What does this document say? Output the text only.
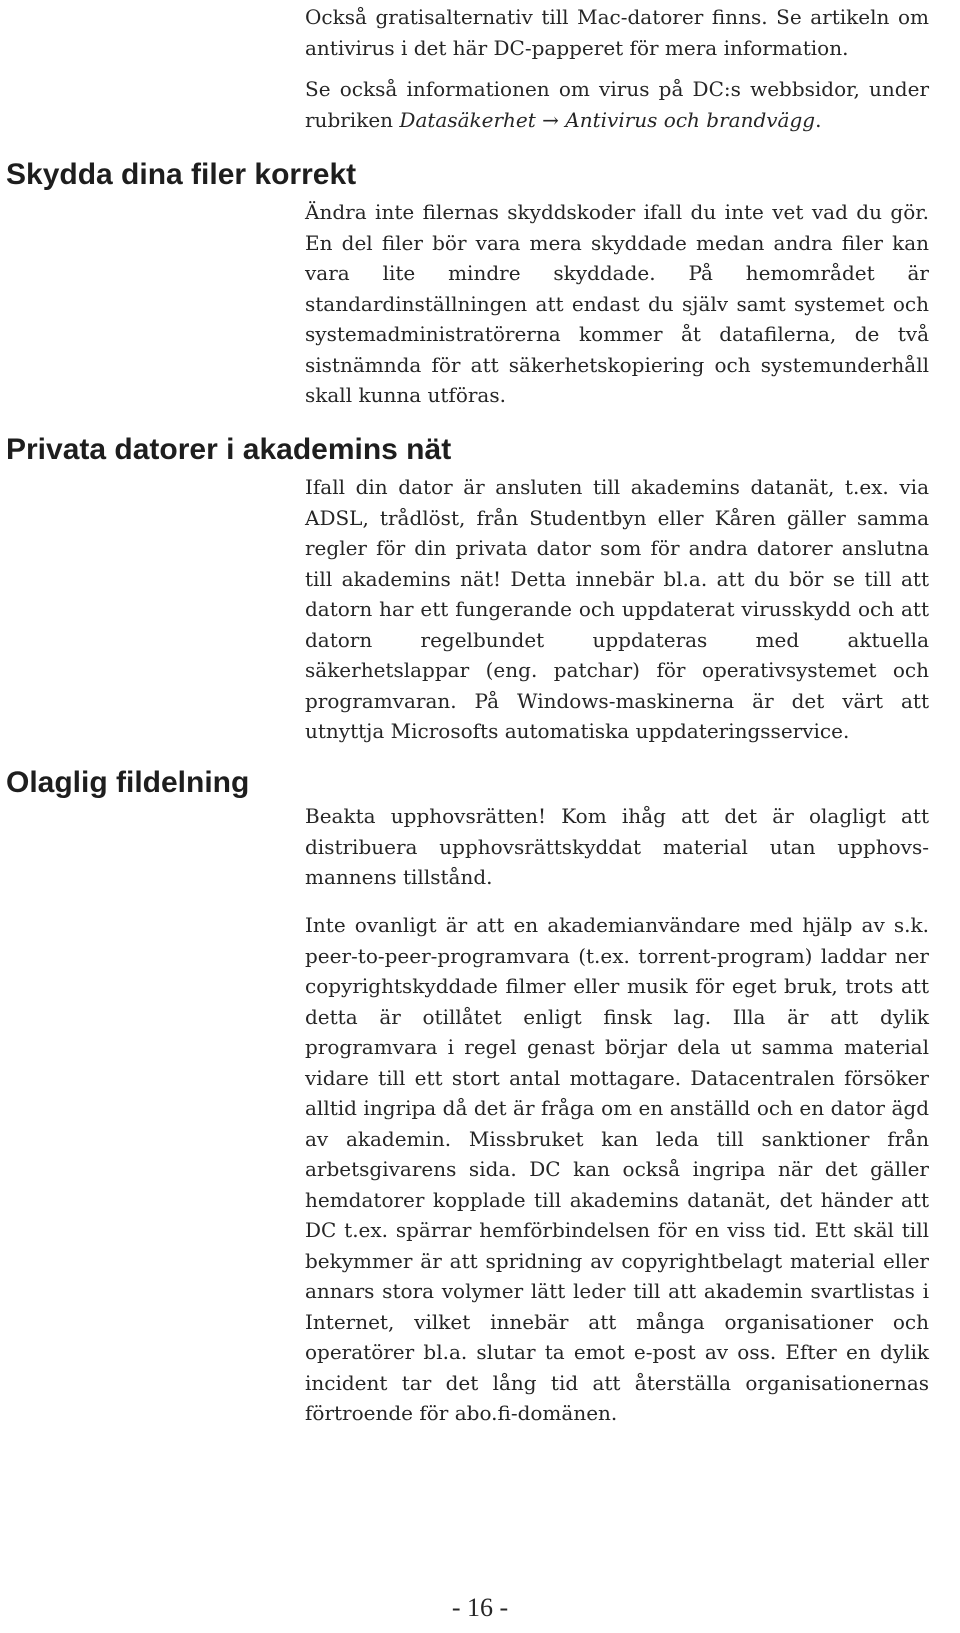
Också gratisalternativ till Mac-datorer finns. Se artikeln om antivirus i det här DC-papperet för mera information.

Se också informationen om virus på DC:s webbsidor, under rubriken Datasäkerhet → Antivirus och brandvägg.

Skydda dina filer korrekt

Ändra inte filernas skyddskoder ifall du inte vet vad du gör. En del filer bör vara mera skyddade medan andra filer kan vara lite mindre skyddade. På hemområdet är standardinställningen att endast du själv samt systemet och systemadministratörerna kommer åt datafilerna, de två sistnämnda för att säkerhetskopiering och systemunderhåll skall kunna utföras.

Privata datorer i akademins nät

Ifall din dator är ansluten till akademins datanät, t.ex. via ADSL, trådlöst, från Studentbyn eller Kåren gäller samma regler för din privata dator som för andra datorer anslutna till akademins nät! Detta innebär bl.a. att du bör se till att datorn har ett fungerande och uppdaterat virusskydd och att datorn regelbundet uppdateras med aktuella säkerhetslappar (eng. patchar) för operativsystemet och programvaran. På Windows-maskinerna är det värt att utnyttja Microsofts automatiska uppdateringsservice.

Olaglig fildelning

Beakta upphovsrätten! Kom ihåg att det är olagligt att distribuera upphovsrättskyddat material utan upphovsmannens tillstånd.

Inte ovanligt är att en akademianvändare med hjälp av s.k. peer-to-peer-programvara (t.ex. torrent-program) laddar ner copyrightskyddade filmer eller musik för eget bruk, trots att detta är otillåtet enligt finsk lag. Illa är att dylik programvara i regel genast börjar dela ut samma material vidare till ett stort antal mottagare. Datacentralen försöker alltid ingripa då det är fråga om en anställd och en dator ägd av akademin. Missbruket kan leda till sanktioner från arbetsgivarens sida. DC kan också ingripa när det gäller hemdatorer kopplade till akademins datanät, det händer att DC t.ex. spärrar hemförbindelsen för en viss tid. Ett skäl till bekymmer är att spridning av copyrightbelagt material eller annars stora volymer lätt leder till att akademin svartlistas i Internet, vilket innebär att många organisationer och operatörer bl.a. slutar ta emot e-post av oss. Efter en dylik incident tar det lång tid att återställa organisationernas förtroende för abo.fi-domänen.

- 16 -
